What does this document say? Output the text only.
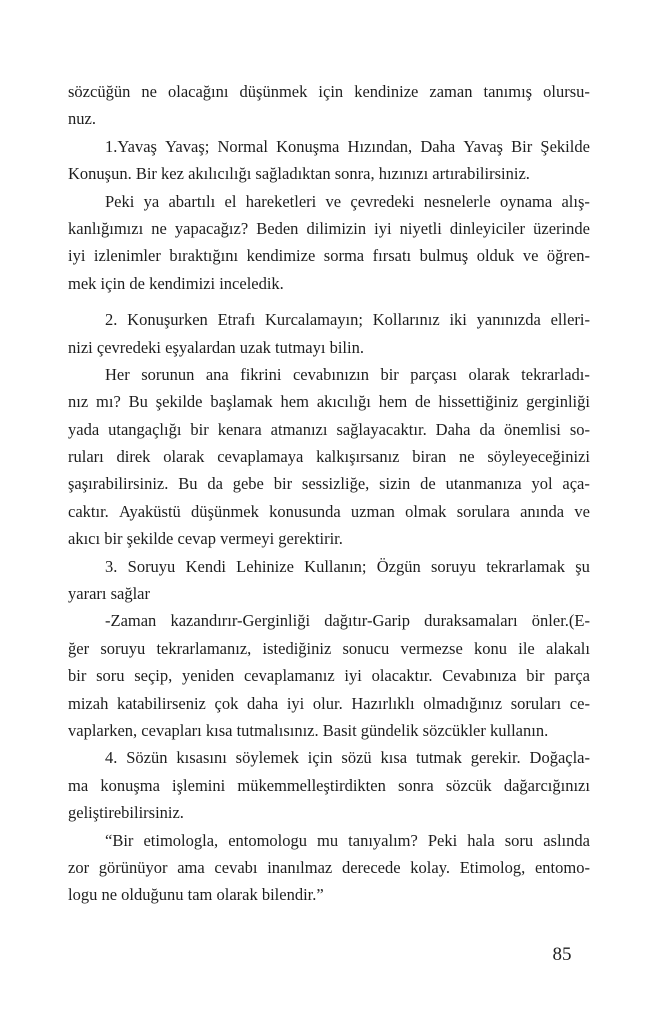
sözcüğün ne olacağını düşünmek için kendinize zaman tanımış olursu-
nuz.
1.Yavaş Yavaş; Normal Konuşma Hızından, Daha Yavaş Bir Şekilde
Konuşun. Bir kez akılıcılığı sağladıktan sonra, hızınızı artırabilirsiniz.
Peki ya abartılı el hareketleri ve çevredeki nesnelerle oynama alış-
kanlığımızı ne yapacağız? Beden dilimizin iyi niyetli dinleyiciler üzerinde
iyi izlenimler bıraktığını kendimize sorma fırsatı bulmuş olduk ve öğren-
mek için de kendimizi inceledik.
2. Konuşurken Etrafı Kurcalamayın; Kollarınız iki yanınızda elleri-
nizi çevredeki eşyalardan uzak tutmayı bilin.
Her sorunun ana fikrini cevabınızın bir parçası olarak tekrarladı-
nız mı? Bu şekilde başlamak hem akıcılığı hem de hissettiğiniz gerginliği
yada utangaçlığı bir kenara atmanızı sağlayacaktır. Daha da önemlisi so-
ruları direk olarak cevaplamaya kalkışırsanız biran ne söyleyeceğinizi
şaşırabilirsiniz. Bu da gebe bir sessizliğe, sizin de utanmanıza yol aça-
caktır. Ayaküstü düşünmek konusunda uzman olmak sorulara anında ve
akıcı bir şekilde cevap vermeyi gerektirir.
3. Soruyu Kendi Lehinize Kullanın; Özgün soruyu tekrarlamak şu
yararı sağlar
-Zaman kazandırır-Gerginliği dağıtır-Garip duraksamaları önler.(E-
ğer soruyu tekrarlamanız, istediğiniz sonucu vermezse konu ile alakalı
bir soru seçip, yeniden cevaplamanız iyi olacaktır. Cevabınıza bir parça
mizah katabilirseniz çok daha iyi olur. Hazırlıklı olmadığınız soruları ce-
vaplarken, cevapları kısa tutmalısınız. Basit gündelik sözcükler kullanın.
4. Sözün kısasını söylemek için sözü kısa tutmak gerekir. Doğaçla-
ma konuşma işlemini mükemmelleştirdikten sonra sözcük dağarcığınızı
geliştirebilirsiniz.
“Bir etimologla, entomologu mu tanıyalım? Peki hala soru aslında
zor görünüyor ama cevabı inanılmaz derecede kolay. Etimolog, entomo-
logu ne olduğunu tam olarak bilendir.”
85
